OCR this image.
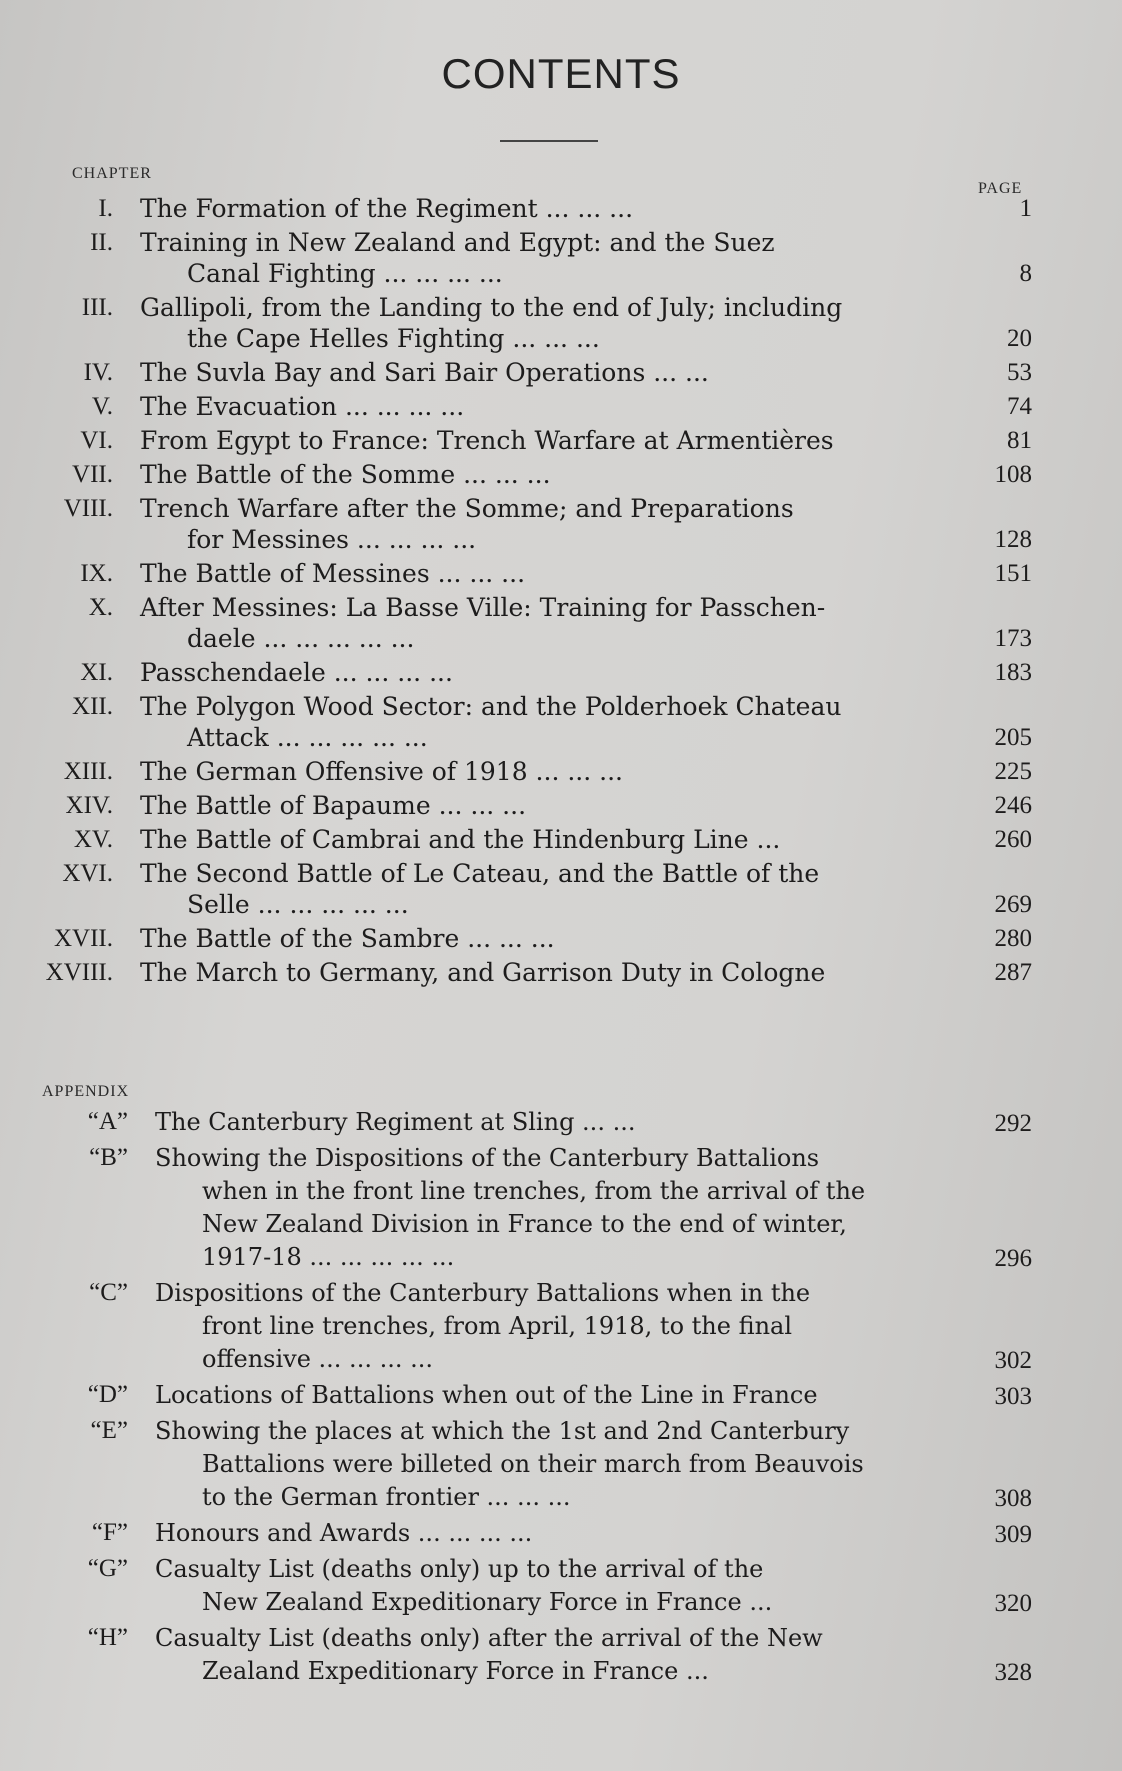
CONTENTS
CHAPTER
PAGE
I.	The Formation of the Regiment ... ... ...	1
II.	Training in New Zealand and Egypt: and the Suez
Canal Fighting ... ... ... ...	8
III.	Gallipoli, from the Landing to the end of July; including
the Cape Helles Fighting ... ... ...	20
IV.	The Suvla Bay and Sari Bair Operations ... ...	53
V.	The Evacuation ... ... ... ...	74
VI.	From Egypt to France: Trench Warfare at Armentières	81
VII.	The Battle of the Somme ... ... ...	108
VIII.	Trench Warfare after the Somme; and Preparations
for Messines ... ... ... ...	128
IX.	The Battle of Messines ... ... ...	151
X.	After Messines: La Basse Ville: Training for Passchen-
daele ... ... ... ... ...	173
XI.	Passchendaele ... ... ... ...	183
XII.	The Polygon Wood Sector: and the Polderhoek Chateau
Attack ... ... ... ... ...	205
XIII.	The German Offensive of 1918 ... ... ...	225
XIV.	The Battle of Bapaume ... ... ...	246
XV.	The Battle of Cambrai and the Hindenburg Line ...	260
XVI.	The Second Battle of Le Cateau, and the Battle of the
Selle ... ... ... ... ...	269
XVII.	The Battle of the Sambre ... ... ...	280
XVIII.	The March to Germany, and Garrison Duty in Cologne	287
APPENDIX
“A”	The Canterbury Regiment at Sling ... ...	292
“B”	Showing the Dispositions of the Canterbury Battalions
when in the front line trenches, from the arrival of the
New Zealand Division in France to the end of winter,
1917-18 ... ... ... ... ...	296
“C”	Dispositions of the Canterbury Battalions when in the
front line trenches, from April, 1918, to the final
offensive ... ... ... ...	302
“D”	Locations of Battalions when out of the Line in France	303
“E”	Showing the places at which the 1st and 2nd Canterbury
Battalions were billeted on their march from Beauvois
to the German frontier ... ... ...	308
“F”	Honours and Awards ... ... ... ...	309
“G”	Casualty List (deaths only) up to the arrival of the
New Zealand Expeditionary Force in France ...	320
“H”	Casualty List (deaths only) after the arrival of the New
Zealand Expeditionary Force in France ...	328
